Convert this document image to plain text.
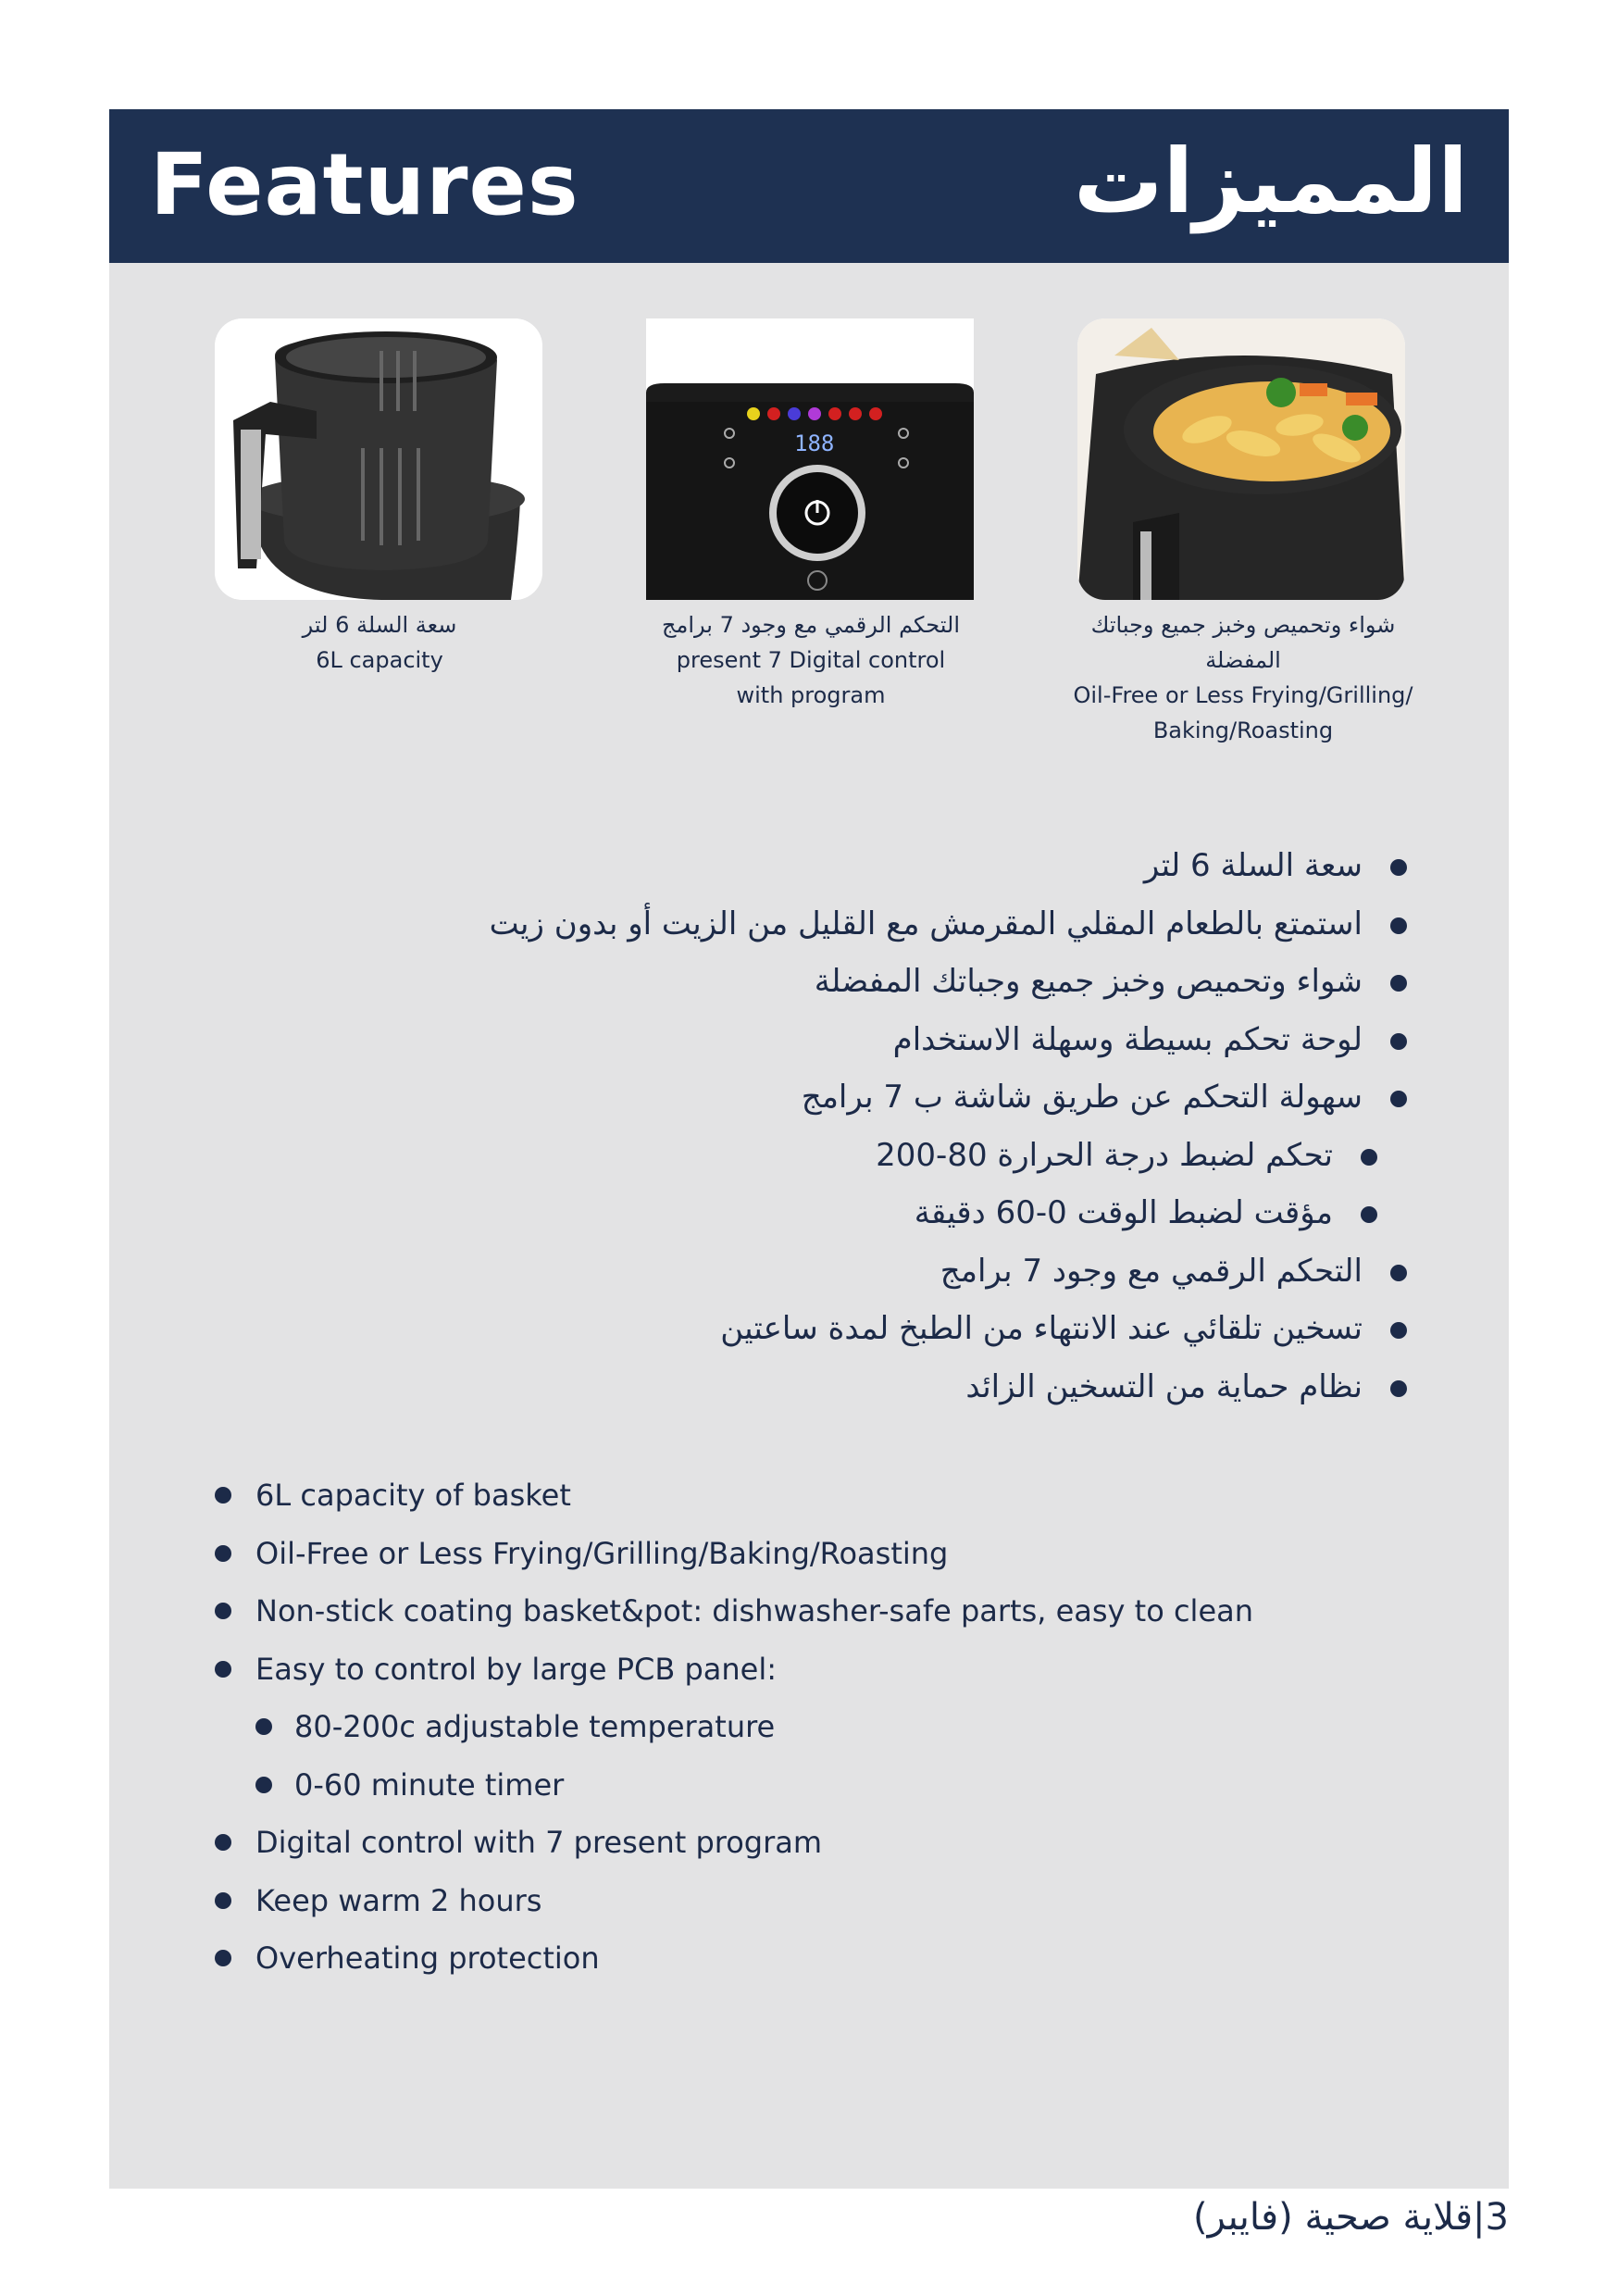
Features	المميزات
188
سعة السلة 6 لتر
6L capacity
التحكم الرقمي مع وجود 7 برامج
present 7 Digital control with program
شواء وتحميص وخبز جميع وجباتك المفضلة
Oil-Free or Less Frying/Grilling/ Baking/Roasting
سعة السلة 6 لتر
استمتع بالطعام المقلي المقرمش مع القليل من الزيت أو بدون زيت
شواء وتحميص وخبز جميع وجباتك المفضلة
لوحة تحكم بسيطة وسهلة الاستخدام
سهولة التحكم عن طريق شاشة ب 7 برامج
تحكم لضبط درجة الحرارة 80-200
مؤقت لضبط الوقت 0-60 دقيقة
التحكم الرقمي مع وجود 7 برامج
تسخين تلقائي عند الانتهاء من الطبخ لمدة ساعتين
نظام حماية من التسخين الزائد
6L capacity of basket
Oil-Free or Less Frying/Grilling/Baking/Roasting
Non-stick coating basket&pot: dishwasher-safe parts, easy to clean
Easy to control by large PCB panel:
80-200c adjustable temperature
0-60 minute timer
Digital control with 7 present program
Keep warm 2 hours
Overheating protection
3|قلاية صحية (فايبر)
